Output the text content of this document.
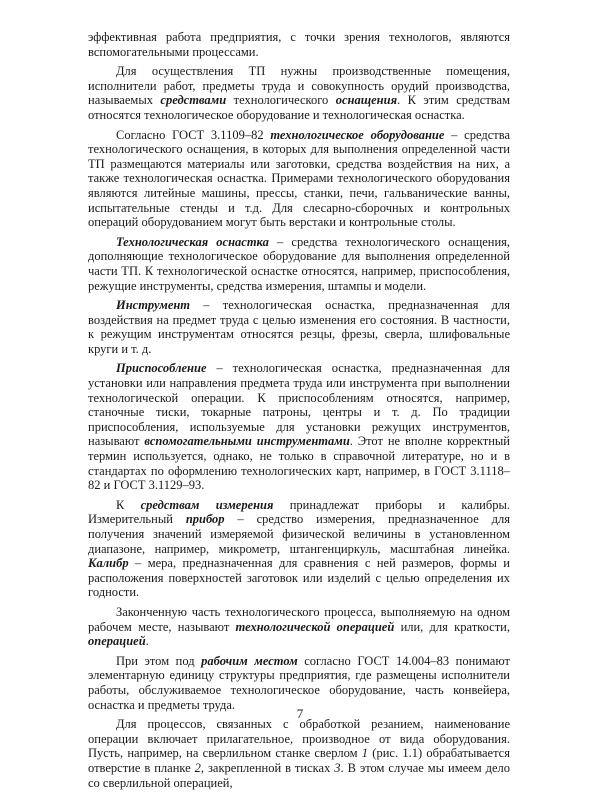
эффективная работа предприятия, с точки зрения технологов, являются вспомогательными процессами.

Для осуществления ТП нужны производственные помещения, исполнители работ, предметы труда и совокупность орудий производства, называемых средствами технологического оснащения. К этим средствам относятся технологическое оборудование и технологическая оснастка.

Согласно ГОСТ 3.1109–82 технологическое оборудование – средства технологического оснащения, в которых для выполнения определенной части ТП размещаются материалы или заготовки, средства воздействия на них, а также технологическая оснастка. Примерами технологического оборудования являются литейные машины, прессы, станки, печи, гальванические ванны, испытательные стенды и т.д. Для слесарно-сборочных и контрольных операций оборудованием могут быть верстаки и контрольные столы.

Технологическая оснастка – средства технологического оснащения, дополняющие технологическое оборудование для выполнения определенной части ТП. К технологической оснастке относятся, например, приспособления, режущие инструменты, средства измерения, штампы и модели.

Инструмент – технологическая оснастка, предназначенная для воздействия на предмет труда с целью изменения его состояния. В частности, к режущим инструментам относятся резцы, фрезы, сверла, шлифовальные круги и т. д.

Приспособление – технологическая оснастка, предназначенная для установки или направления предмета труда или инструмента при выполнении технологической операции. К приспособлениям относятся, например, станочные тиски, токарные патроны, центры и т. д. По традиции приспособления, используемые для установки режущих инструментов, называют вспомогательными инструментами. Этот не вполне корректный термин используется, однако, не только в справочной литературе, но и в стандартах по оформлению технологических карт, например, в ГОСТ 3.1118–82 и ГОСТ 3.1129–93.

К средствам измерения принадлежат приборы и калибры. Измерительный прибор – средство измерения, предназначенное для получения значений измеряемой физической величины в установленном диапазоне, например, микрометр, штангенциркуль, масштабная линейка. Калибр – мера, предназначенная для сравнения с ней размеров, формы и расположения поверхностей заготовок или изделий с целью определения их годности.

Законченную часть технологического процесса, выполняемую на одном рабочем месте, называют технологической операцией или, для краткости, операцией.

При этом под рабочим местом согласно ГОСТ 14.004–83 понимают элементарную единицу структуры предприятия, где размещены исполнители работы, обслуживаемое технологическое оборудование, часть конвейера, оснастка и предметы труда.

Для процессов, связанных с обработкой резанием, наименование операции включает прилагательное, производное от вида оборудования. Пусть, например, на сверлильном станке сверлом 1 (рис. 1.1) обрабатывается отверстие в планке 2, закрепленной в тисках 3. В этом случае мы имеем дело со сверлильной операцией,

7
